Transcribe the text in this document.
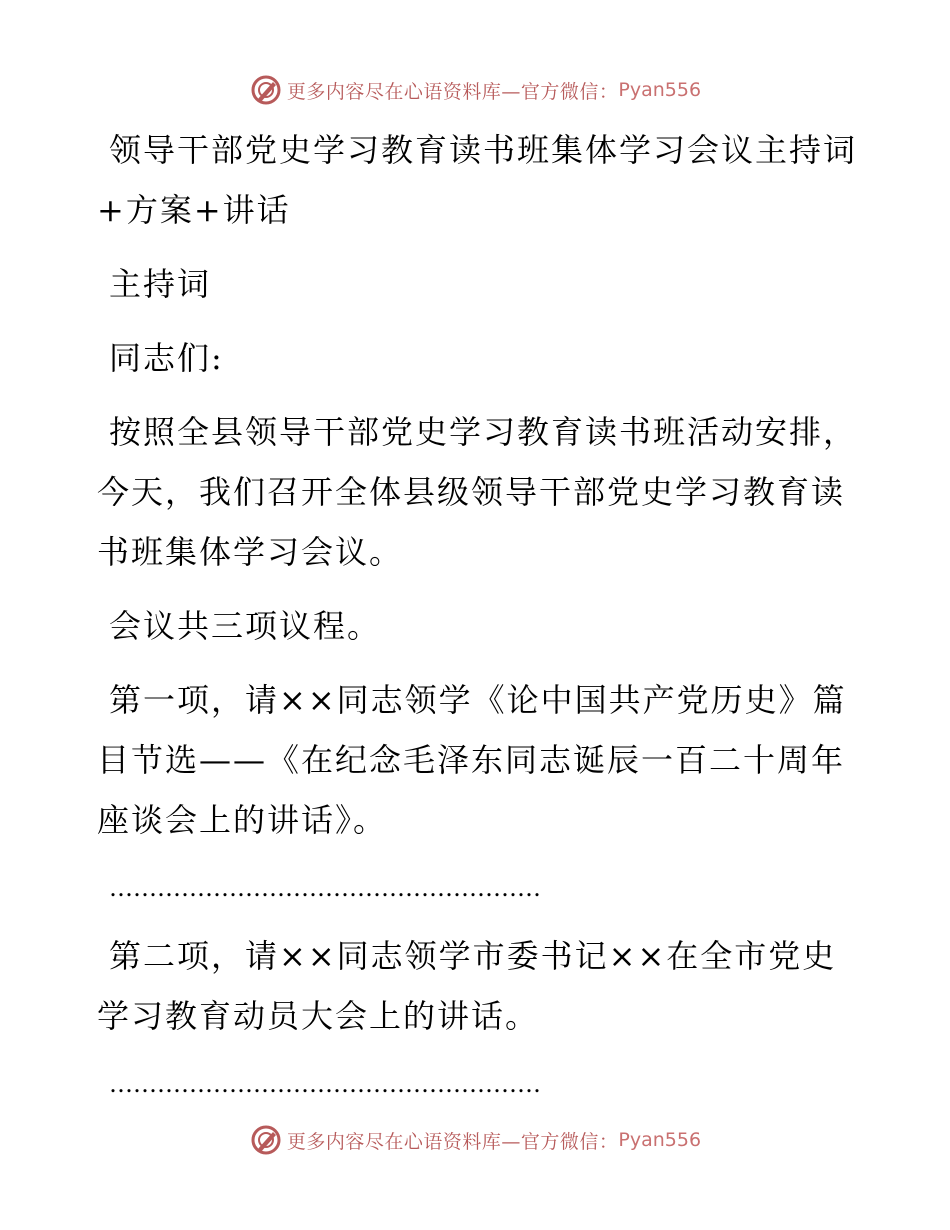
更多内容尽在心语资料库—官方微信： Pyan556

领导干部党史学习教育读书班集体学习会议主持词+方案+讲话

主持词

同志们:

按照全县领导干部党史学习教育读书班活动安排，今天，我们召开全体县级领导干部党史学习教育读书班集体学习会议。

会议共三项议程。

第一项，请××同志领学《论中国共产党历史》篇目节选——《在纪念毛泽东同志诞辰一百二十周年座谈会上的讲话》。

………………………………………………

第二项，请××同志领学市委书记××在全市党史学习教育动员大会上的讲话。

………………………………………………

更多内容尽在心语资料库—官方微信： Pyan556
